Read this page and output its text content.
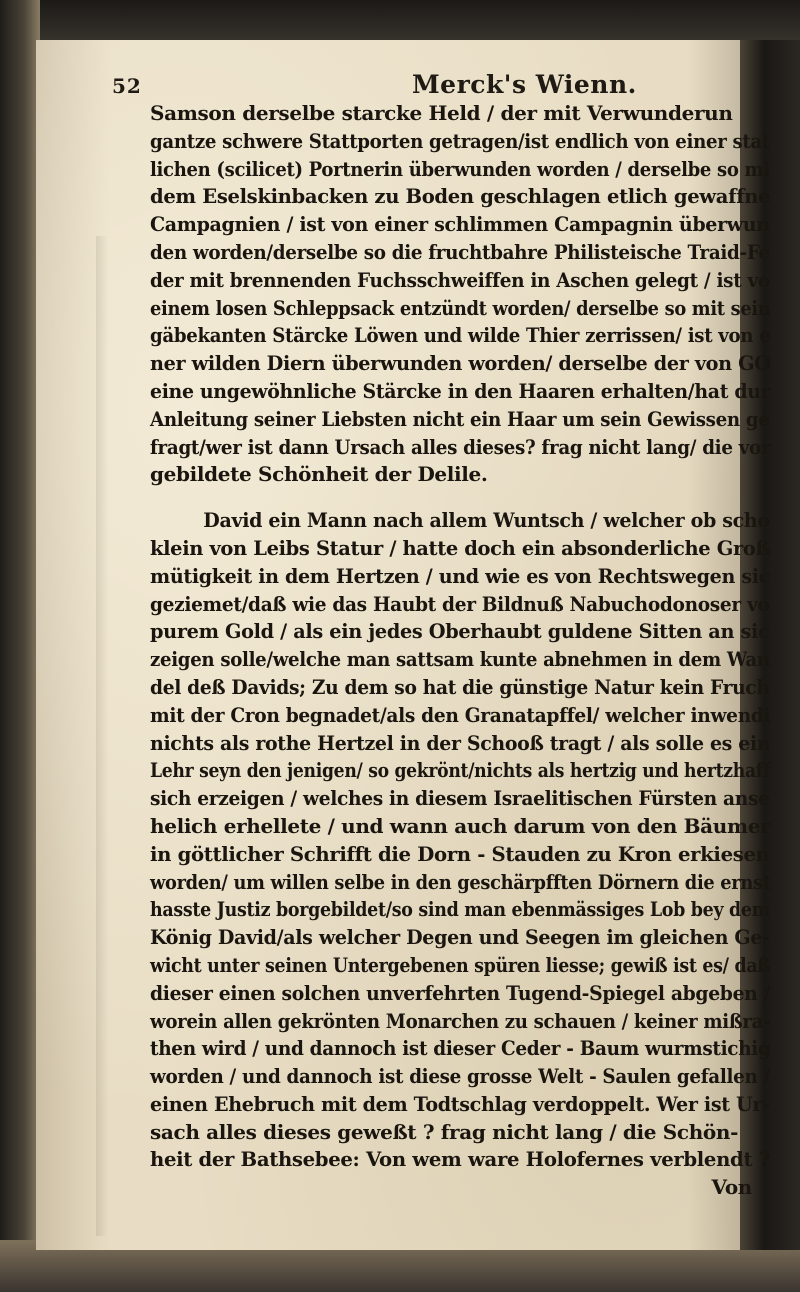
52	Merck's Wienn.
Samson derselbe starcke Held / der mit Verwunderun
gantze schwere Stattporten getragen/ist endlich von einer stat
lichen (scilicet) Portnerin überwunden worden / derselbe so mi
dem Eselskinbacken zu Boden geschlagen etlich gewaffne
Campagnien / ist von einer schlimmen Campagnin überwun
den worden/derselbe so die fruchtbahre Philisteische Traid-Fe
der mit brennenden Fuchsschweiffen in Aschen gelegt / ist vo
einem losen Schleppsack entzündt worden/ derselbe so mit sein
gäbekanten Stärcke Löwen und wilde Thier zerrissen/ ist von e
ner wilden Diern überwunden worden/ derselbe der von GO
eine ungewöhnliche Stärcke in den Haaren erhalten/hat dur
Anleitung seiner Liebsten nicht ein Haar um sein Gewissen ge
fragt/wer ist dann Ursach alles dieses? frag nicht lang/ die vor
gebildete Schönheit der Delile.
David ein Mann nach allem Wuntsch / welcher ob scho
klein von Leibs Statur / hatte doch ein absonderliche Groß
mütigkeit in dem Hertzen / und wie es von Rechtswegen sic
geziemet/daß wie das Haubt der Bildnuß Nabuchodonoser vo
purem Gold / als ein jedes Oberhaubt guldene Sitten an sic
zeigen solle/welche man sattsam kunte abnehmen in dem Wan
del deß Davids; Zu dem so hat die günstige Natur kein Fruch
mit der Cron begnadet/als den Granatapffel/ welcher inwendi
nichts als rothe Hertzel in der Schooß tragt / als solle es ein
Lehr seyn den jenigen/ so gekrönt/nichts als hertzig und hertzhaff
sich erzeigen / welches in diesem Israelitischen Fürsten anse
helich erhellete / und wann auch darum von den Bäumer
in göttlicher Schrifft die Dorn - Stauden zu Kron erkiesen
worden/ um willen selbe in den geschärpfften Dörnern die ernst
hasste Justiz borgebildet/so sind man ebenmässiges Lob bey dem
König David/als welcher Degen und Seegen im gleichen Ge-
wicht unter seinen Untergebenen spüren liesse; gewiß ist es/ daß
dieser einen solchen unverfehrten Tugend-Spiegel abgeben /
worein allen gekrönten Monarchen zu schauen / keiner mißra-
then wird / und dannoch ist dieser Ceder - Baum wurmstichig
worden / und dannoch ist diese grosse Welt - Saulen gefallen /
einen Ehebruch mit dem Todtschlag verdoppelt. Wer ist Ur-
sach alles dieses geweßt ? frag nicht lang / die Schön-
heit der Bathsebee: Von wem ware Holofernes verblendt ?
Von
